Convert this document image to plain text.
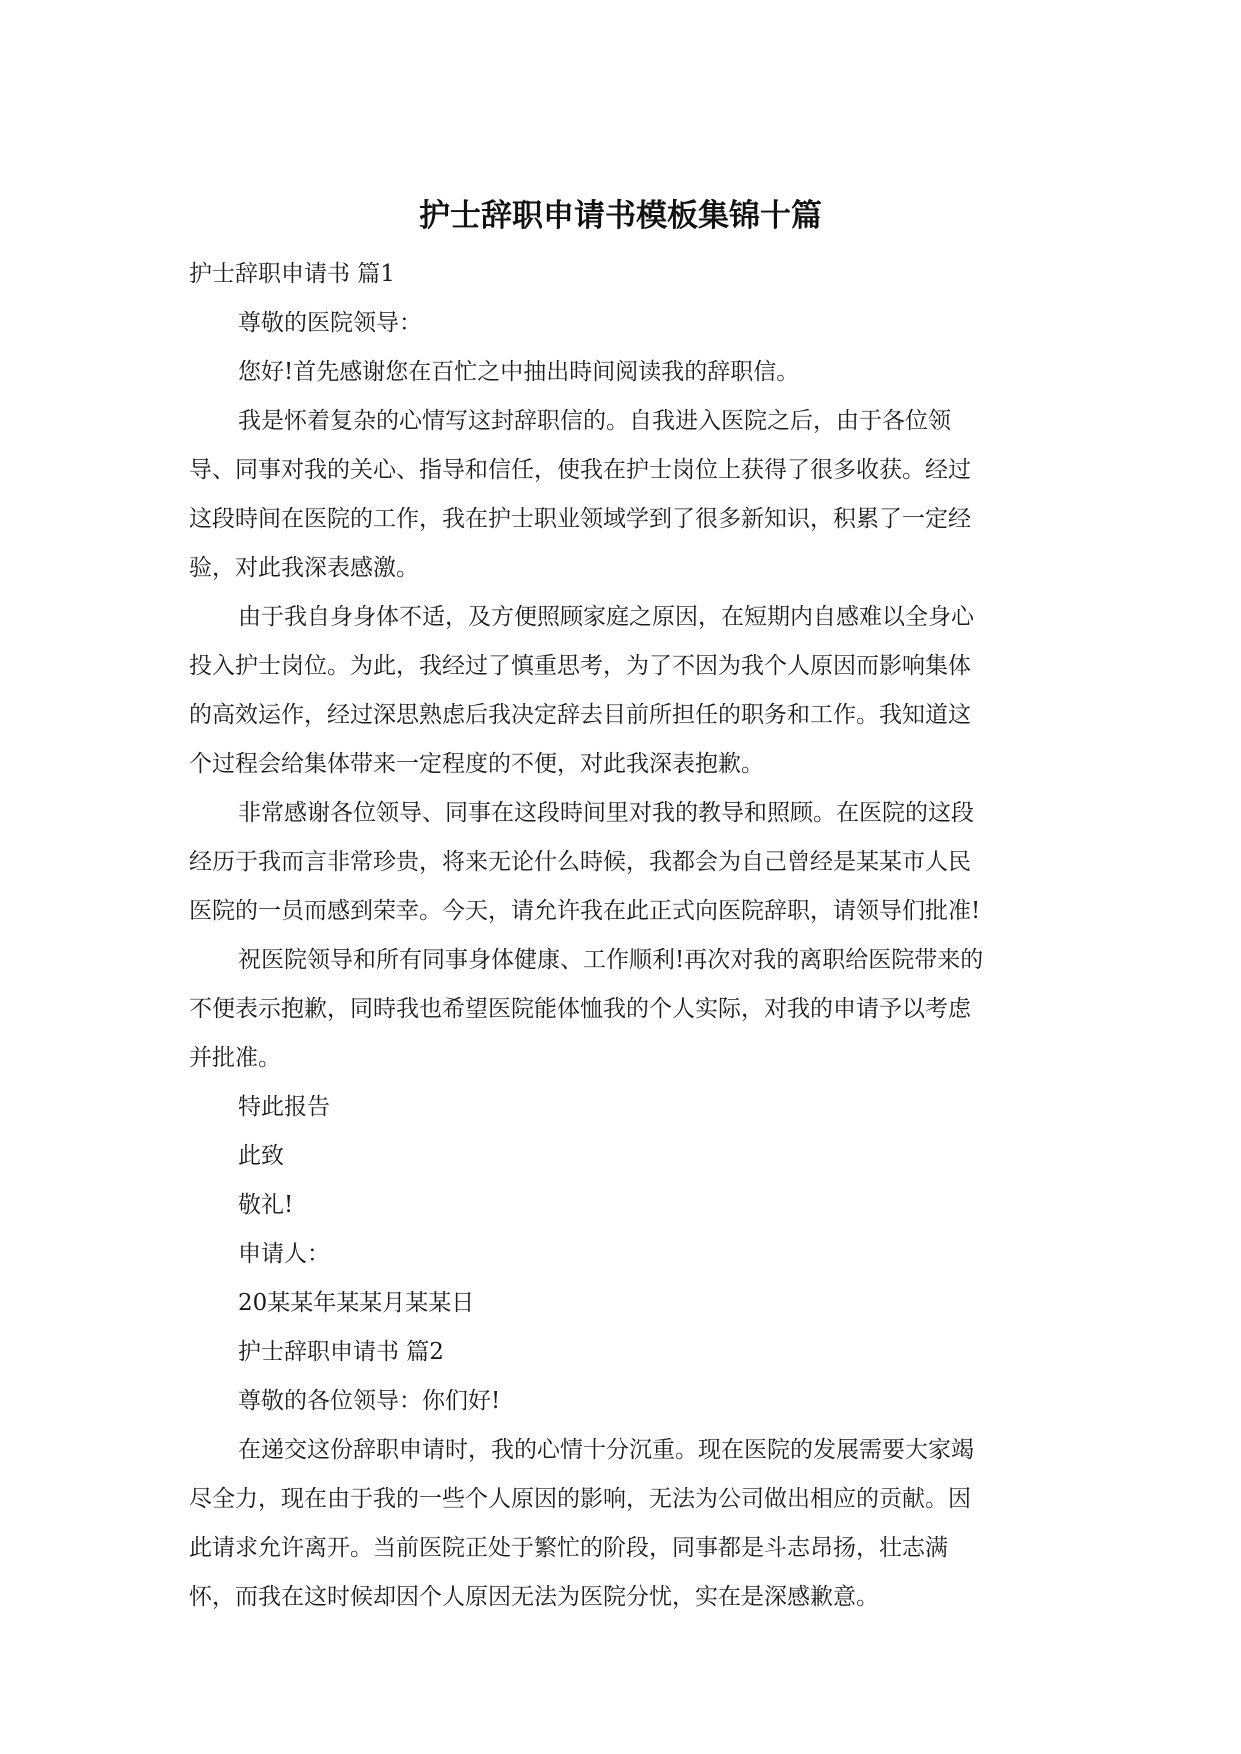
护士辞职申请书模板集锦十篇

护士辞职申请书 篇1

尊敬的医院领导：

您好!首先感谢您在百忙之中抽出時间阅读我的辞职信。

我是怀着复杂的心情写这封辞职信的。自我进入医院之后，由于各位领

导、同事对我的关心、指导和信任，使我在护士岗位上获得了很多收获。经过

这段時间在医院的工作，我在护士职业领域学到了很多新知识，积累了一定经

验，对此我深表感激。

由于我自身身体不适，及方便照顾家庭之原因，在短期内自感难以全身心

投入护士岗位。为此，我经过了慎重思考，为了不因为我个人原因而影响集体

的高效运作，经过深思熟虑后我决定辞去目前所担任的职务和工作。我知道这

个过程会给集体带来一定程度的不便，对此我深表抱歉。

非常感谢各位领导、同事在这段時间里对我的教导和照顾。在医院的这段

经历于我而言非常珍贵，将来无论什么時候，我都会为自己曾经是某某市人民

医院的一员而感到荣幸。今天，请允许我在此正式向医院辞职，请领导们批准!

祝医院领导和所有同事身体健康、工作顺利!再次对我的离职给医院带来的

不便表示抱歉，同時我也希望医院能体恤我的个人实际，对我的申请予以考虑

并批准。

特此报告

此致

敬礼!

申请人：

20某某年某某月某某日

护士辞职申请书 篇2

尊敬的各位领导：你们好!

在递交这份辞职申请时，我的心情十分沉重。现在医院的发展需要大家竭

尽全力，现在由于我的一些个人原因的影响，无法为公司做出相应的贡献。因

此请求允许离开。当前医院正处于繁忙的阶段，同事都是斗志昂扬，壮志满

怀，而我在这时候却因个人原因无法为医院分忧，实在是深感歉意。
